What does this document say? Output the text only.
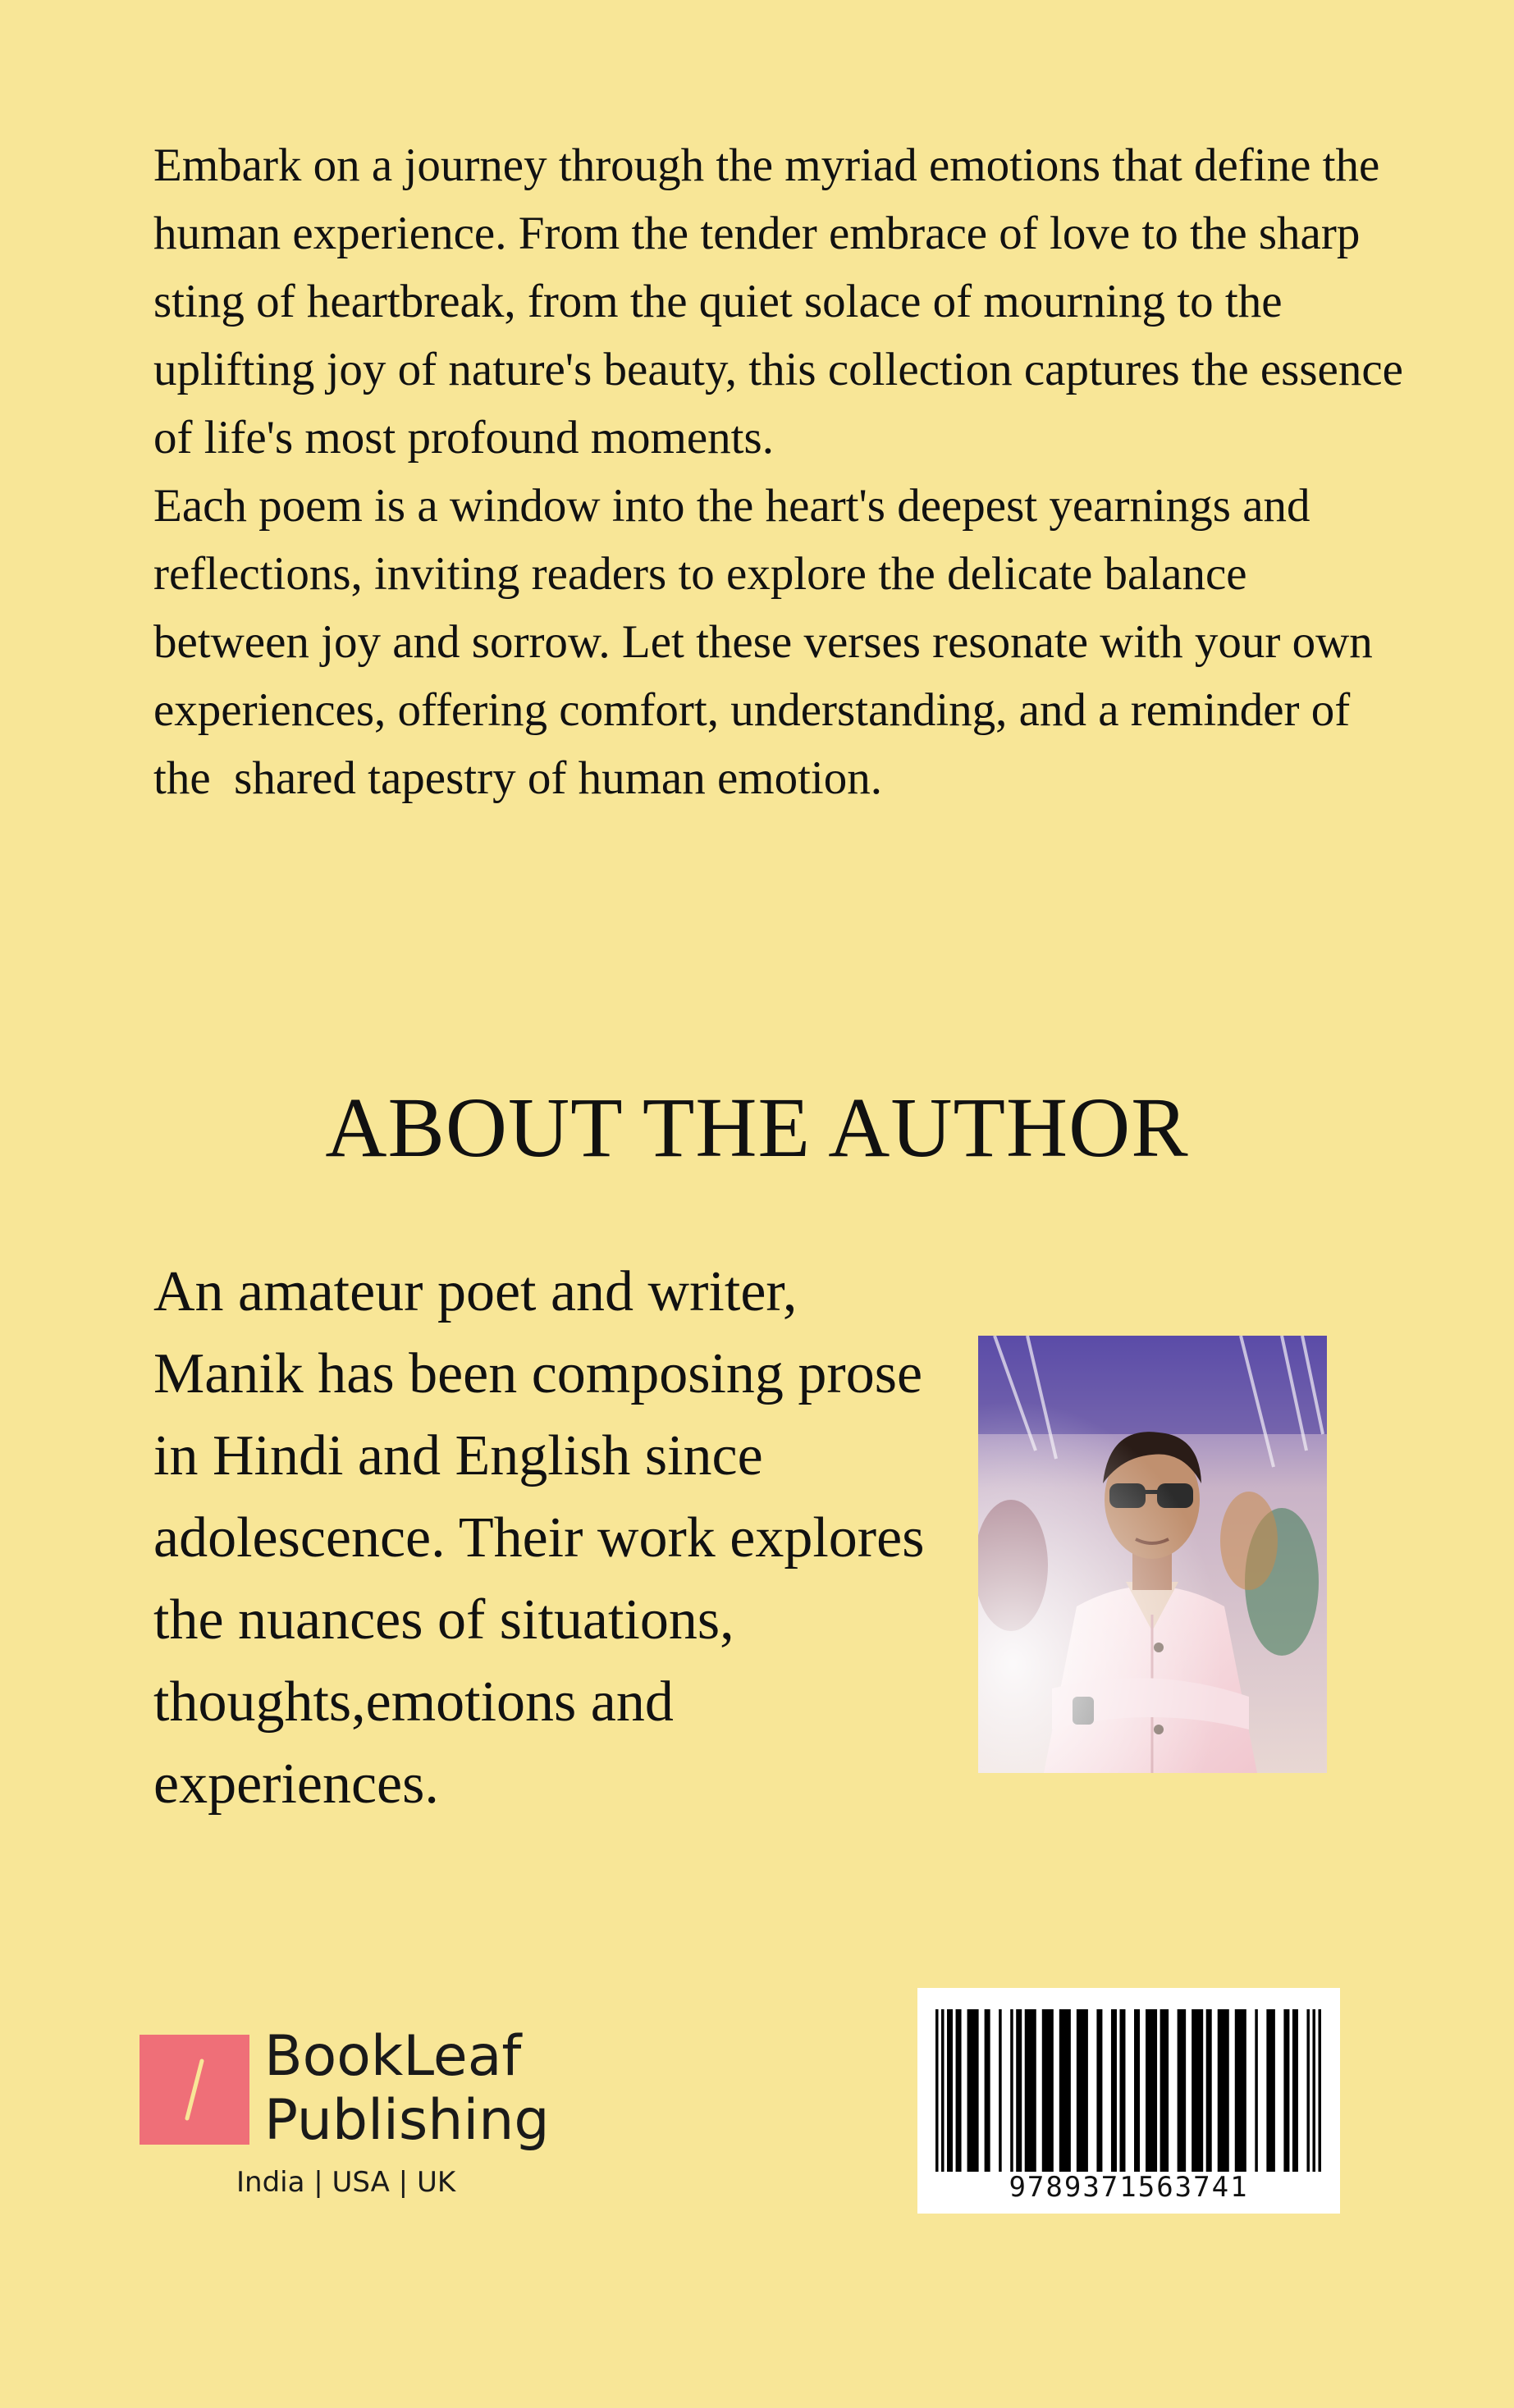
Embark on a journey through the myriad emotions that define the human experience. From the tender embrace of love to the sharp sting of heartbreak, from the quiet solace of mourning to the uplifting joy of nature's beauty, this collection captures the essence of life's most profound moments.

Each poem is a window into the heart's deepest yearnings and reflections, inviting readers to explore the delicate balance between joy and sorrow. Let these verses resonate with your own experiences, offering comfort, understanding, and a reminder of the  shared tapestry of human emotion.

ABOUT THE AUTHOR

An amateur poet and writer, Manik has been composing prose in Hindi and English since adolescence. Their work explores the nuances of situations, thoughts,emotions and experiences.

BookLeaf
Publishing
India | USA | UK	9789371563741
